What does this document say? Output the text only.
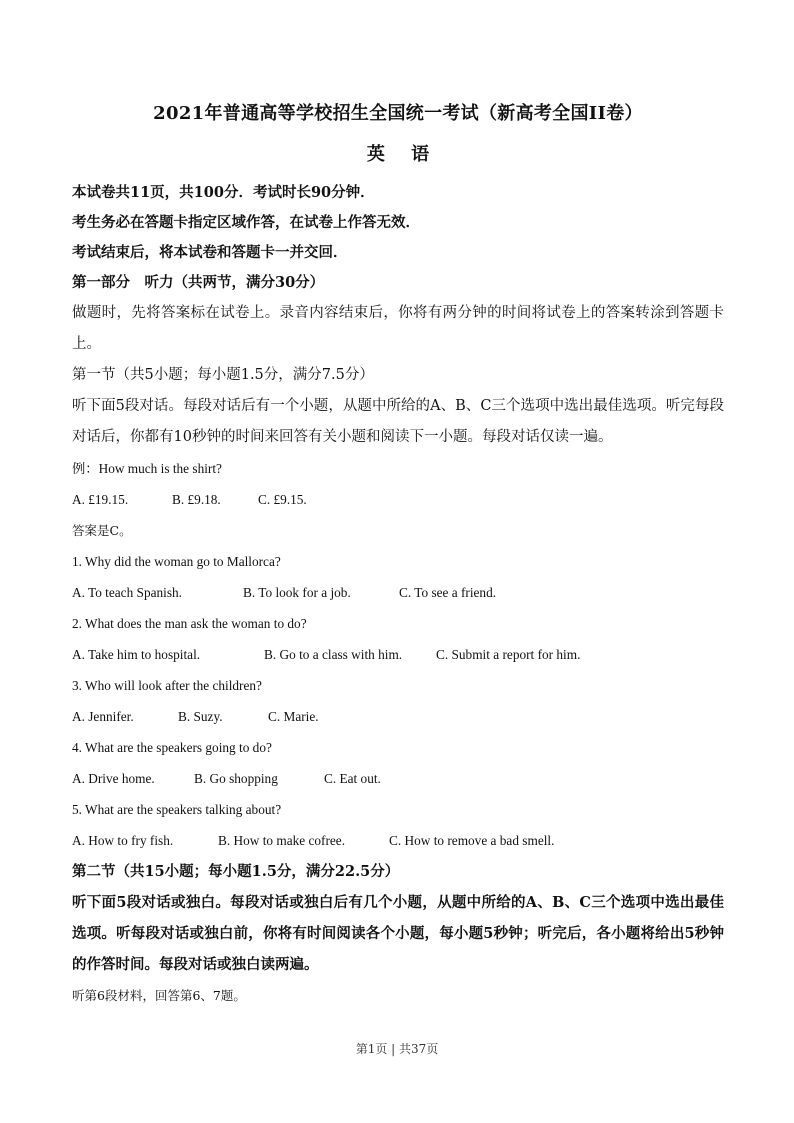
2021年普通高等学校招生全国统一考试（新高考全国II卷）

英 语

本试卷共11页，共100分．考试时长90分钟．

考生务必在答题卡指定区域作答，在试卷上作答无效．

考试结束后，将本试卷和答题卡一并交回．

第一部分　听力（共两节，满分30分）

做题时，先将答案标在试卷上。录音内容结束后，你将有两分钟的时间将试卷上的答案转涂到答题卡上。

第一节（共5小题；每小题1.5分，满分7.5分）

听下面5段对话。每段对话后有一个小题，从题中所给的A、B、C三个选项中选出最佳选项。听完每段对话后，你都有10秒钟的时间来回答有关小题和阅读下一小题。每段对话仅读一遍。

例：How much is the shirt?

A. £19.15.	B. £9.18.	C. £9.15.

答案是C。

1. Why did the woman go to Mallorca?

A. To teach Spanish.	B. To look for a job.	C. To see a friend.

2. What does the man ask the woman to do?

A. Take him to hospital.	B. Go to a class with him.	C. Submit a report for him.

3. Who will look after the children?

A. Jennifer.	B. Suzy.	C. Marie.

4. What are the speakers going to do?

A. Drive home.	B. Go shopping	C. Eat out.

5. What are the speakers talking about?

A. How to fry fish.	B. How to make cofree.	C. How to remove a bad smell.

第二节（共15小题；每小题1.5分，满分22.5分）

听下面5段对话或独白。每段对话或独白后有几个小题，从题中所给的A、B、C三个选项中选出最佳选项。听每段对话或独白前，你将有时间阅读各个小题，每小题5秒钟；听完后，各小题将给出5秒钟的作答时间。每段对话或独白读两遍。

听第6段材料，回答第6、7题。

第1页 | 共37页
